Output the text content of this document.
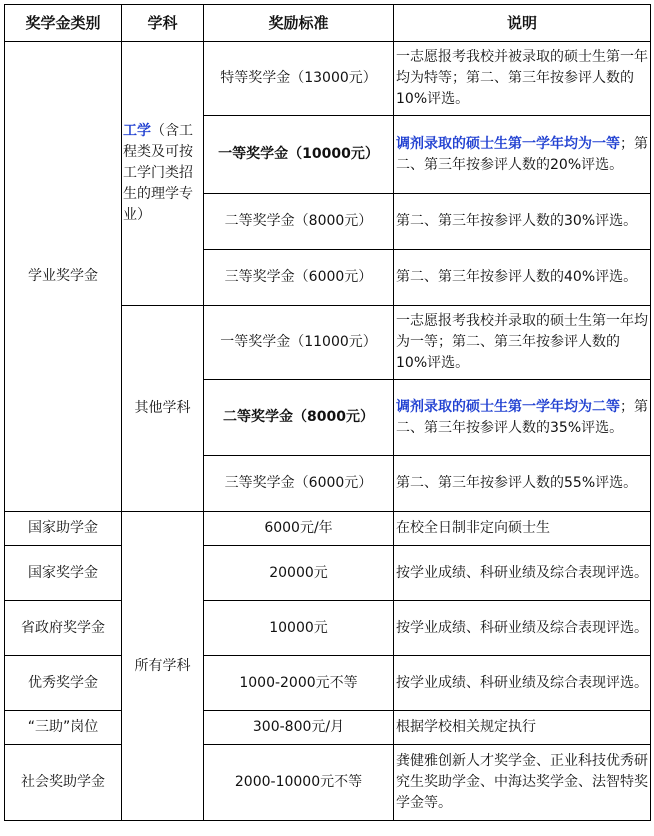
奖学金类别	学科	奖励标准	说明
学业奖学金	工学（含工程类及可按工学门类招生的理学专业）	特等奖学金（13000元）	一志愿报考我校并被录取的硕士生第一年均为特等；第二、第三年按参评人数的10%评选。
		一等奖学金（10000元）	调剂录取的硕士生第一学年均为一等；第二、第三年按参评人数的20%评选。
		二等奖学金（8000元）	第二、第三年按参评人数的30%评选。
		三等奖学金（6000元）	第二、第三年按参评人数的40%评选。
	其他学科	一等奖学金（11000元）	一志愿报考我校并录取的硕士生第一年均为一等；第二、第三年按参评人数的10%评选。
		二等奖学金（8000元）	调剂录取的硕士生第一学年均为二等；第二、第三年按参评人数的35%评选。
		三等奖学金（6000元）	第二、第三年按参评人数的55%评选。
国家助学金	所有学科	6000元/年	在校全日制非定向硕士生
国家奖学金		20000元	按学业成绩、科研业绩及综合表现评选。
省政府奖学金		10000元	按学业成绩、科研业绩及综合表现评选。
优秀奖学金		1000-2000元不等	按学业成绩、科研业绩及综合表现评选。
“三助”岗位		300-800元/月	根据学校相关规定执行
社会奖助学金		2000-10000元不等	龚健雅创新人才奖学金、正业科技优秀研究生奖助学金、中海达奖学金、法智特奖学金等。
